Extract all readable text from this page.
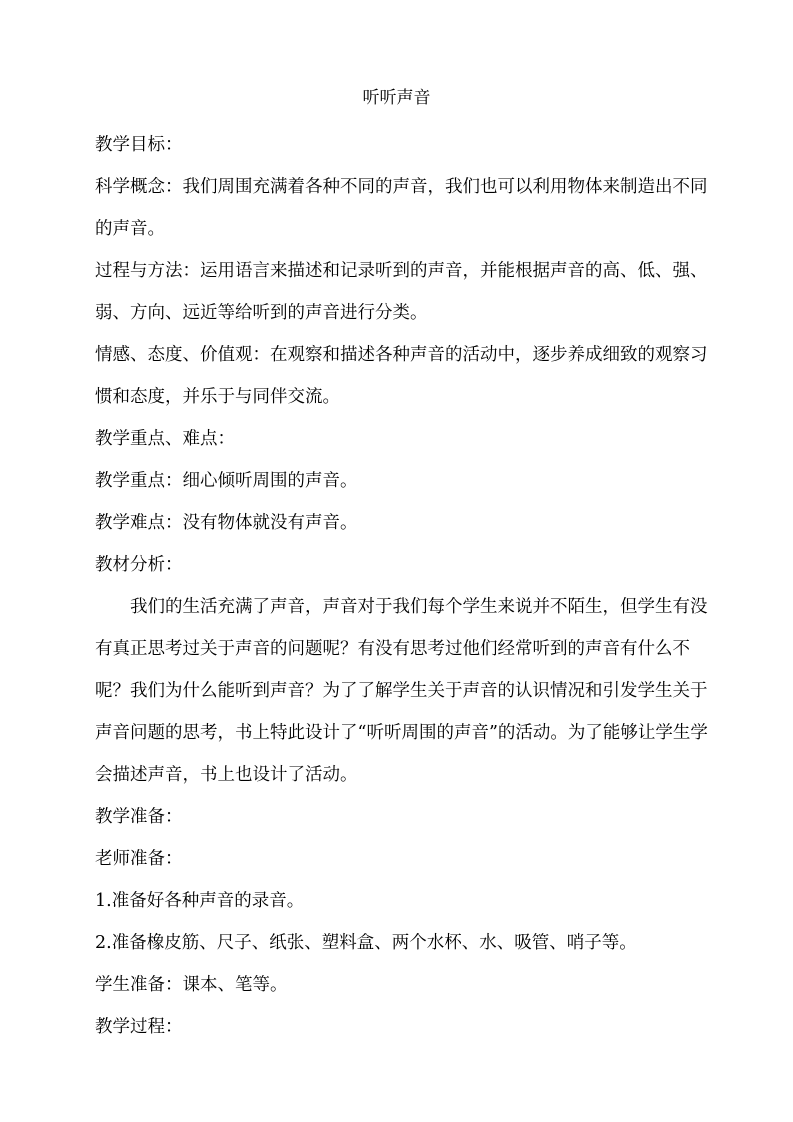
听听声音

教学目标：

科学概念：我们周围充满着各种不同的声音，我们也可以利用物体来制造出不同的声音。

过程与方法：运用语言来描述和记录听到的声音，并能根据声音的高、低、强、弱、方向、远近等给听到的声音进行分类。

情感、态度、价值观：在观察和描述各种声音的活动中，逐步养成细致的观察习惯和态度，并乐于与同伴交流。

教学重点、难点：

教学重点：细心倾听周围的声音。

教学难点：没有物体就没有声音。

教材分析：

我们的生活充满了声音，声音对于我们每个学生来说并不陌生，但学生有没有真正思考过关于声音的问题呢？有没有思考过他们经常听到的声音有什么不呢？我们为什么能听到声音？为了了解学生关于声音的认识情况和引发学生关于声音问题的思考，书上特此设计了“听听周围的声音”的活动。为了能够让学生学会描述声音，书上也设计了活动。

教学准备：

老师准备：

1.准备好各种声音的录音。

2.准备橡皮筋、尺子、纸张、塑料盒、两个水杯、水、吸管、哨子等。

学生准备：课本、笔等。

教学过程：
